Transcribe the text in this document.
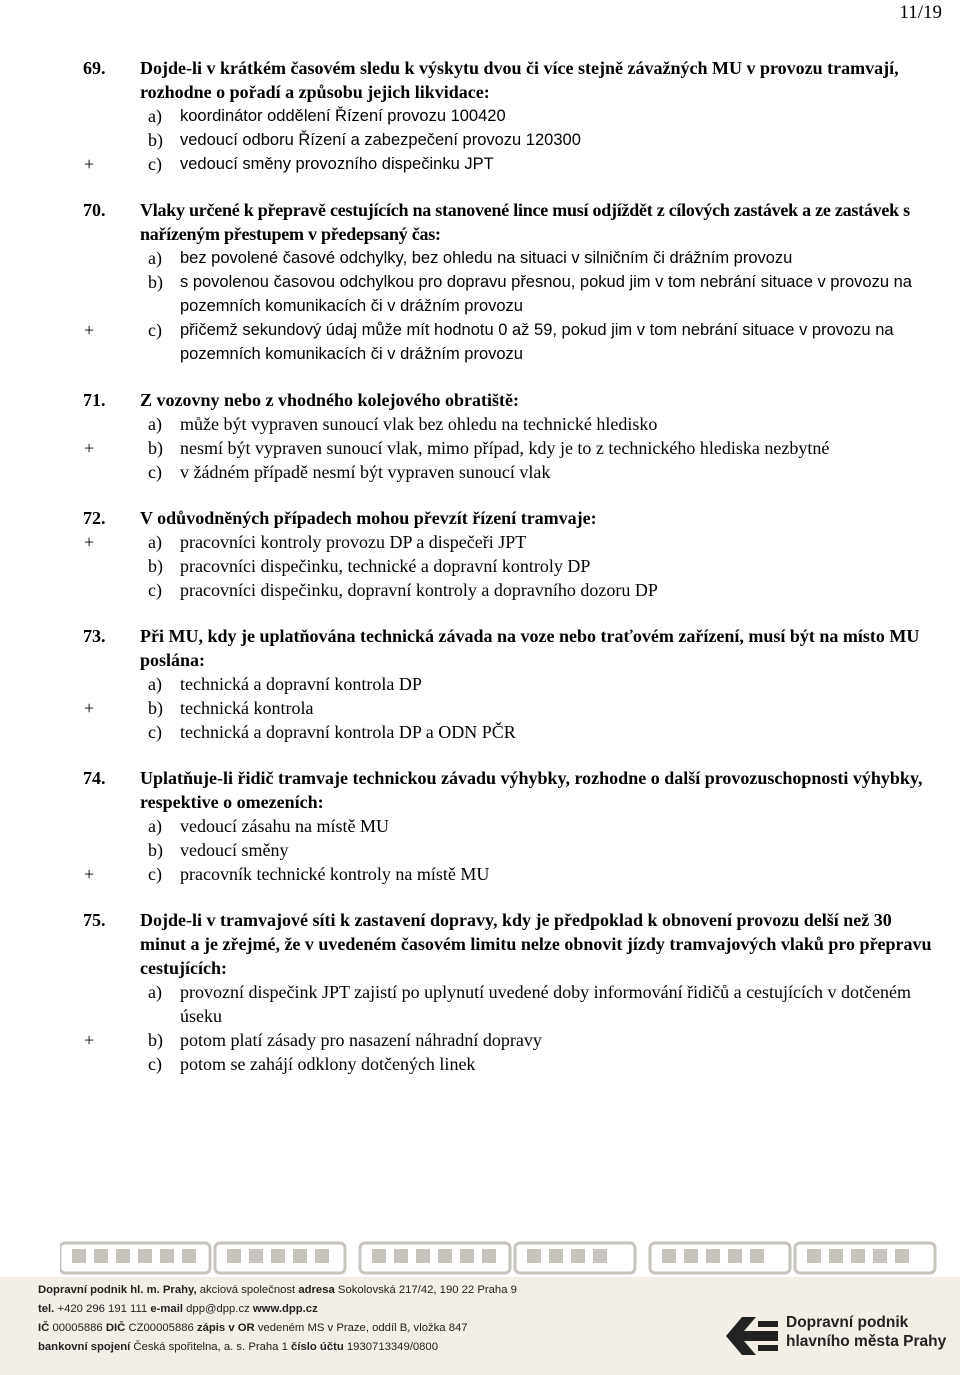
11/19
69. Dojde-li v krátkém časovém sledu k výskytu dvou či více stejně závažných MU v provozu tramvají, rozhodne o pořadí a způsobu jejich likvidace:
a) koordinátor oddělení Řízení provozu 100420
b) vedoucí odboru Řízení a zabezpečení provozu 120300
+	c) vedoucí směny provozního dispečinku JPT
70. Vlaky určené k přepravě cestujících na stanovené lince musí odjíždět z cílových zastávek a ze zastávek s nařízeným přestupem v předepsaný čas:
a) bez povolené časové odchylky, bez ohledu na situaci v silničním či drážním provozu
b) s povolenou časovou odchylkou pro dopravu přesnou, pokud jim v tom nebrání situace v provozu na pozemních komunikacích či v drážním provozu
+	c) přičemž sekundový údaj může mít hodnotu 0 až 59, pokud jim v tom nebrání situace v provozu na pozemních komunikacích či v drážním provozu
71. Z vozovny nebo z vhodného kolejového obratiště:
a) může být vypraven sunoucí vlak bez ohledu na technické hledisko
+	b) nesmí být vypraven sunoucí vlak, mimo případ, kdy je to z technického hlediska nezbytné
c) v žádném případě nesmí být vypraven sunoucí vlak
72. V odůvodněných případech mohou převzít řízení tramvaje:
+	a) pracovníci kontroly provozu DP a dispečeři JPT
b) pracovníci dispečinku, technické a dopravní kontroly DP
c) pracovníci dispečinku, dopravní kontroly a dopravního dozoru DP
73. Při MU, kdy je uplatňována technická závada na voze nebo traťovém zařízení, musí být na místo MU poslána:
a) technická a dopravní kontrola DP
+	b) technická kontrola
c) technická a dopravní kontrola DP a ODN PČR
74. Uplatňuje-li řidič tramvaje technickou závadu výhybky, rozhodne o další provozuschopnosti výhybky, respektive o omezeních:
a) vedoucí zásahu na místě MU
b) vedoucí směny
+	c) pracovník technické kontroly na místě MU
75. Dojde-li v tramvajové síti k zastavení dopravy, kdy je předpoklad k obnovení provozu delší než 30 minut a je zřejmé, že v uvedeném časovém limitu nelze obnovit jízdy tramvajových vlaků pro přepravu cestujících:
a) provozní dispečink JPT zajistí po uplynutí uvedené doby informování řidičů a cestujících v dotčeném úseku
+	b) potom platí zásady pro nasazení náhradní dopravy
c) potom se zahájí odklony dotčených linek
Dopravní podnik hl. m. Prahy, akciová společnost adresa Sokolovská 217/42, 190 22 Praha 9
tel. +420 296 191 111 e-mail dpp@dpp.cz www.dpp.cz
IČ 00005886 DIČ CZ00005886 zápis v OR vedeném MS v Praze, oddíl B, vložka 847
bankovní spojení Česká spořitelna, a. s. Praha 1 číslo účtu 1930713349/0800
Dopravní podnik
hlavního města Prahy
